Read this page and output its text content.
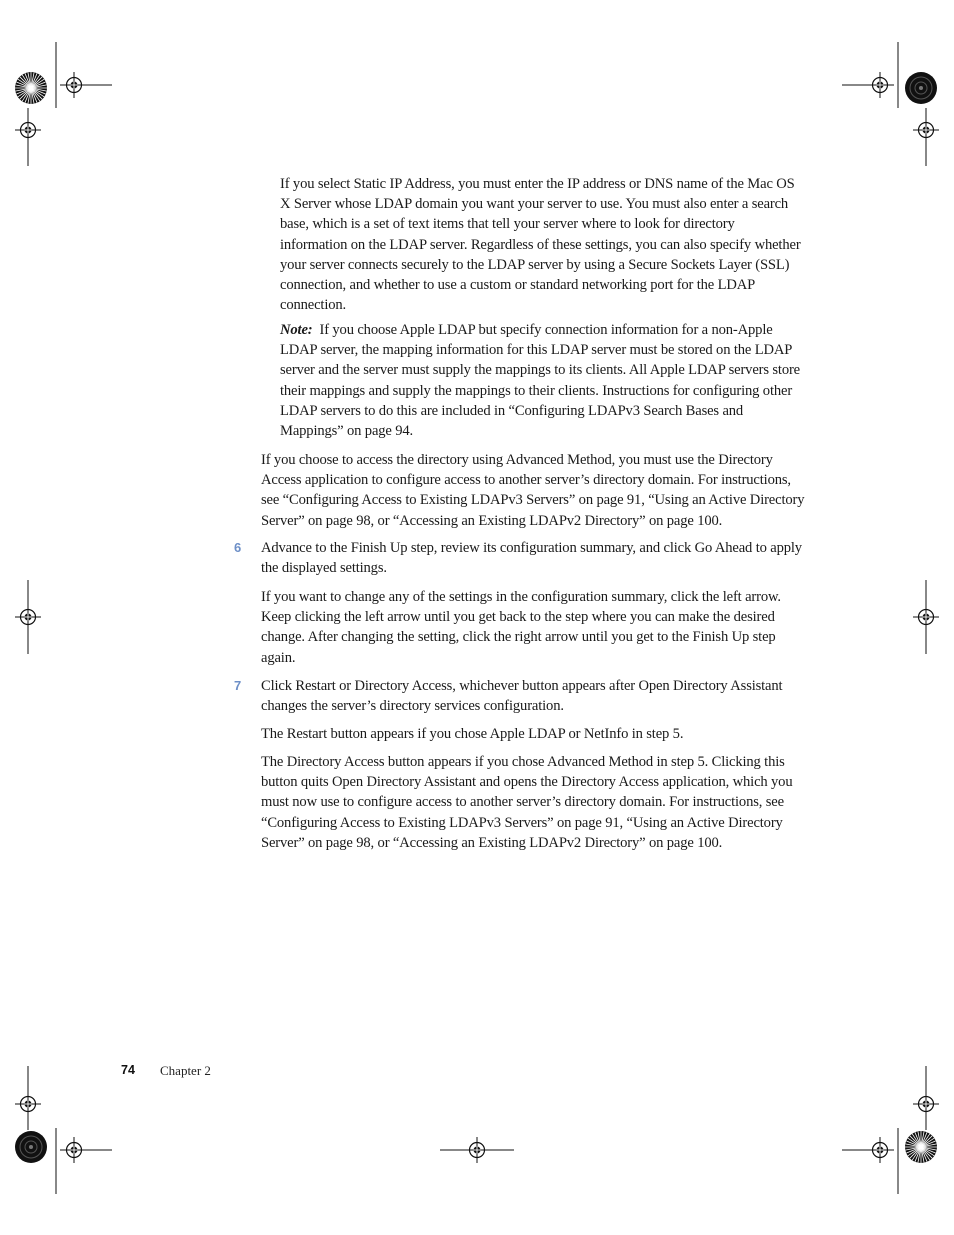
If you select Static IP Address, you must enter the IP address or DNS name of the Mac OS X Server whose LDAP domain you want your server to use. You must also enter a search base, which is a set of text items that tell your server where to look for directory information on the LDAP server. Regardless of these settings, you can also specify whether your server connects securely to the LDAP server by using a Secure Sockets Layer (SSL) connection, and whether to use a custom or standard networking port for the LDAP connection.

Note: If you choose Apple LDAP but specify connection information for a non-Apple LDAP server, the mapping information for this LDAP server must be stored on the LDAP server and the server must supply the mappings to its clients. All Apple LDAP servers store their mappings and supply the mappings to their clients. Instructions for configuring other LDAP servers to do this are included in “Configuring LDAPv3 Search Bases and Mappings” on page 94.

If you choose to access the directory using Advanced Method, you must use the Directory Access application to configure access to another server’s directory domain. For instructions, see “Configuring Access to Existing LDAPv3 Servers” on page 91, “Using an Active Directory Server” on page 98, or “Accessing an Existing LDAPv2 Directory” on page 100.

6 Advance to the Finish Up step, review its configuration summary, and click Go Ahead to apply the displayed settings.

If you want to change any of the settings in the configuration summary, click the left arrow. Keep clicking the left arrow until you get back to the step where you can make the desired change. After changing the setting, click the right arrow until you get to the Finish Up step again.

7 Click Restart or Directory Access, whichever button appears after Open Directory Assistant changes the server’s directory services configuration.

The Restart button appears if you chose Apple LDAP or NetInfo in step 5.

The Directory Access button appears if you chose Advanced Method in step 5. Clicking this button quits Open Directory Assistant and opens the Directory Access application, which you must now use to configure access to another server’s directory domain. For instructions, see “Configuring Access to Existing LDAPv3 Servers” on page 91, “Using an Active Directory Server” on page 98, or “Accessing an Existing LDAPv2 Directory” on page 100.

74 Chapter 2
